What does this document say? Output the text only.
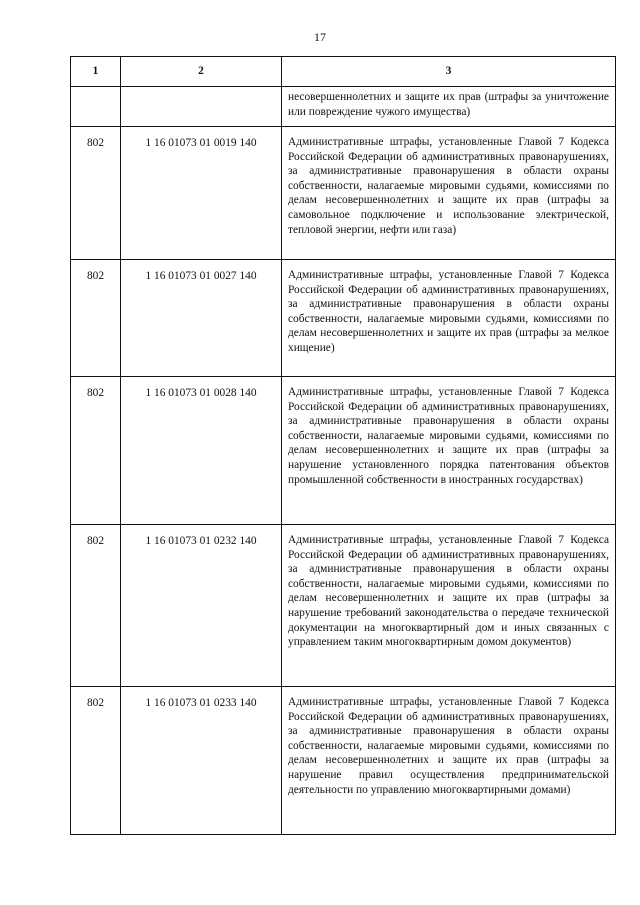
17
1	2	3
		несовершеннолетних и защите их прав (штрафы за уничтожение или повреждение чужого имущества)
802	1 16 01073 01 0019 140	Административные штрафы, установленные Главой 7 Кодекса Российской Федерации об административных правонарушениях, за административные правонарушения в области охраны собственности, налагаемые мировыми судьями, комиссиями по делам несовершеннолетних и защите их прав (штрафы за самовольное подключение и использование электрической, тепловой энергии, нефти или газа)
802	1 16 01073 01 0027 140	Административные штрафы, установленные Главой 7 Кодекса Российской Федерации об административных правонарушениях, за административные правонарушения в области охраны собственности, налагаемые мировыми судьями, комиссиями по делам несовершеннолетних и защите их прав (штрафы за мелкое хищение)
802	1 16 01073 01 0028 140	Административные штрафы, установленные Главой 7 Кодекса Российской Федерации об административных правонарушениях, за административные правонарушения в области охраны собственности, налагаемые мировыми судьями, комиссиями по делам несовершеннолетних и защите их прав (штрафы за нарушение установленного порядка патентования объектов промышленной собственности в иностранных государствах)
802	1 16 01073 01 0232 140	Административные штрафы, установленные Главой 7 Кодекса Российской Федерации об административных правонарушениях, за административные правонарушения в области охраны собственности, налагаемые мировыми судьями, комиссиями по делам несовершеннолетних и защите их прав (штрафы за нарушение требований законодательства о передаче технической документации на многоквартирный дом и иных связанных с управлением таким многоквартирным домом документов)
802	1 16 01073 01 0233 140	Административные штрафы, установленные Главой 7 Кодекса Российской Федерации об административных правонарушениях, за административные правонарушения в области охраны собственности, налагаемые мировыми судьями, комиссиями по делам несовершеннолетних и защите их прав (штрафы за нарушение правил осуществления предпринимательской деятельности по управлению многоквартирными домами)
